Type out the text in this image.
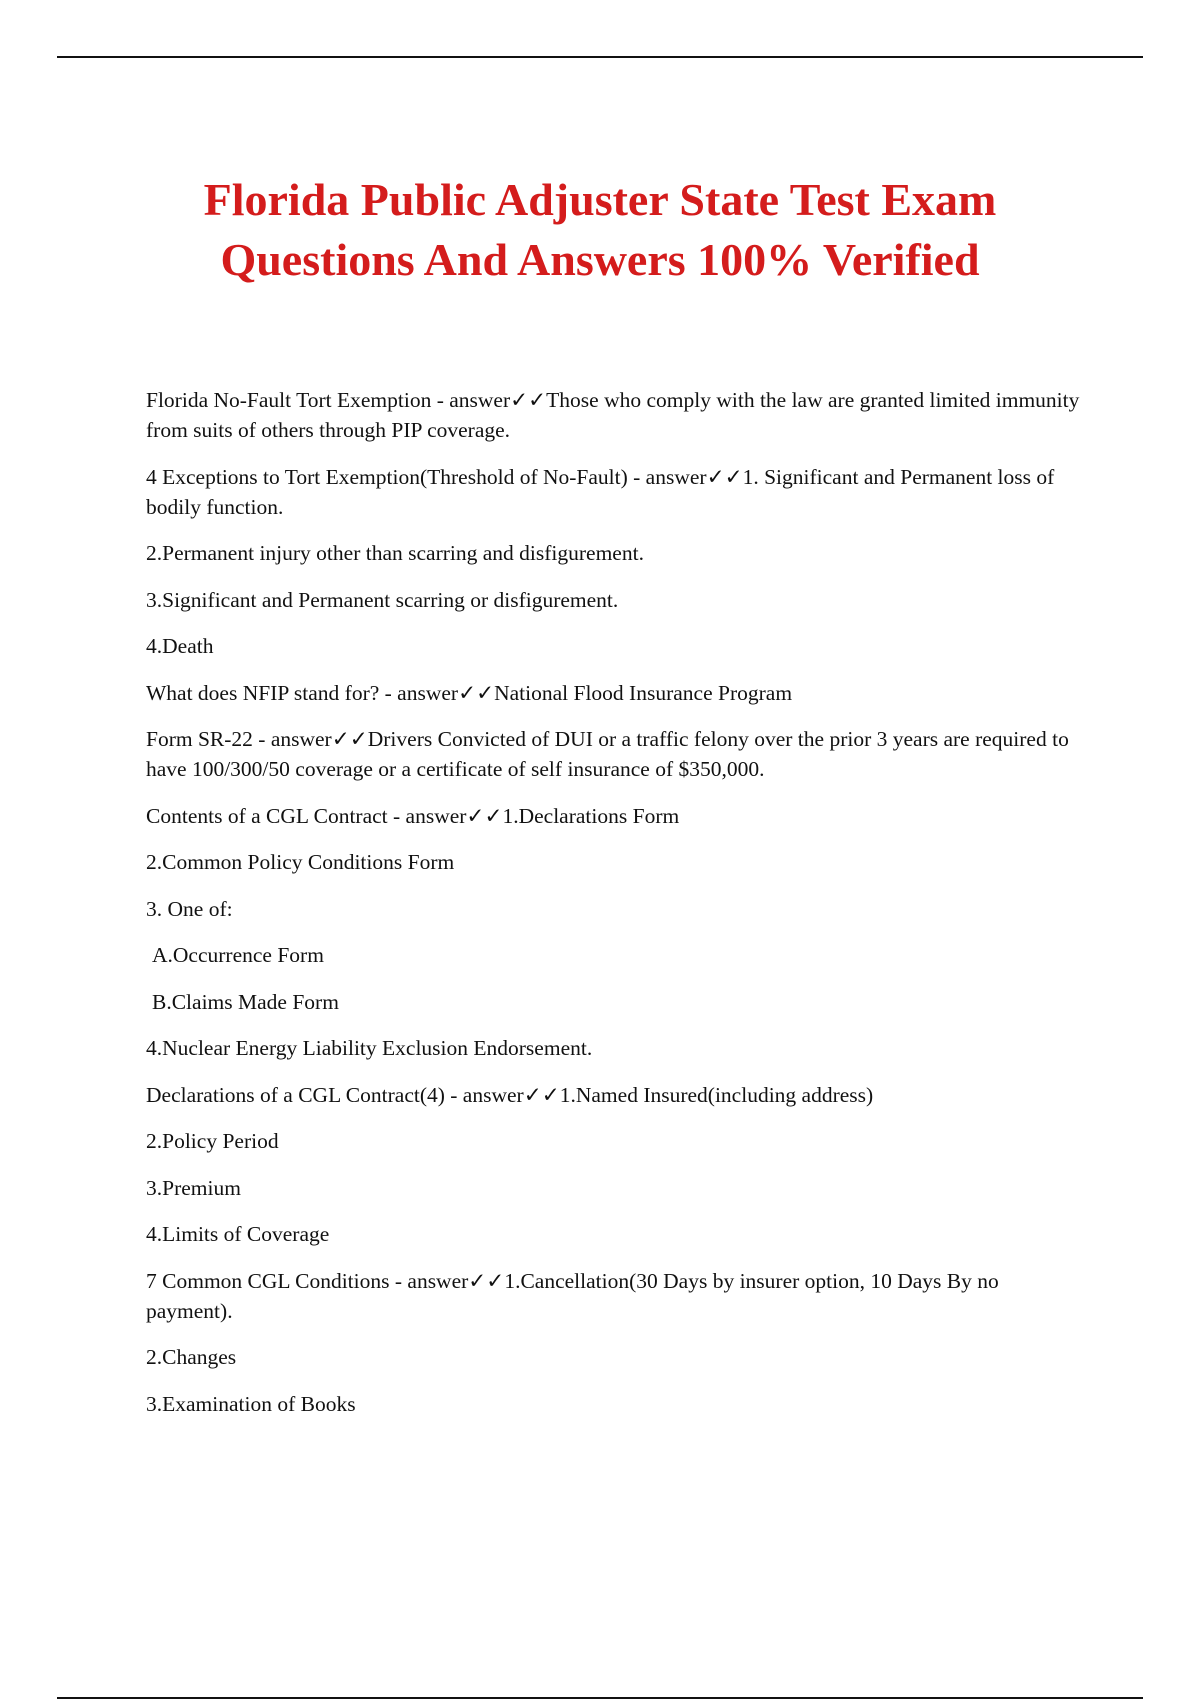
Florida Public Adjuster State Test Exam
Questions And Answers 100% Verified

Florida No-Fault Tort Exemption - answer✓✓Those who comply with the law are granted limited immunity from suits of others through PIP coverage.

4 Exceptions to Tort Exemption(Threshold of No-Fault) - answer✓✓1. Significant and Permanent loss of bodily function.

2.Permanent injury other than scarring and disfigurement.

3.Significant and Permanent scarring or disfigurement.

4.Death

What does NFIP stand for? - answer✓✓National Flood Insurance Program

Form SR-22 - answer✓✓Drivers Convicted of DUI or a traffic felony over the prior 3 years are required to have 100/300/50 coverage or a certificate of self insurance of $350,000.

Contents of a CGL Contract - answer✓✓1.Declarations Form

2.Common Policy Conditions Form

3. One of:

A.Occurrence Form

B.Claims Made Form

4.Nuclear Energy Liability Exclusion Endorsement.

Declarations of a CGL Contract(4) - answer✓✓1.Named Insured(including address)

2.Policy Period

3.Premium

4.Limits of Coverage

7 Common CGL Conditions - answer✓✓1.Cancellation(30 Days by insurer option, 10 Days By no payment).

2.Changes

3.Examination of Books
